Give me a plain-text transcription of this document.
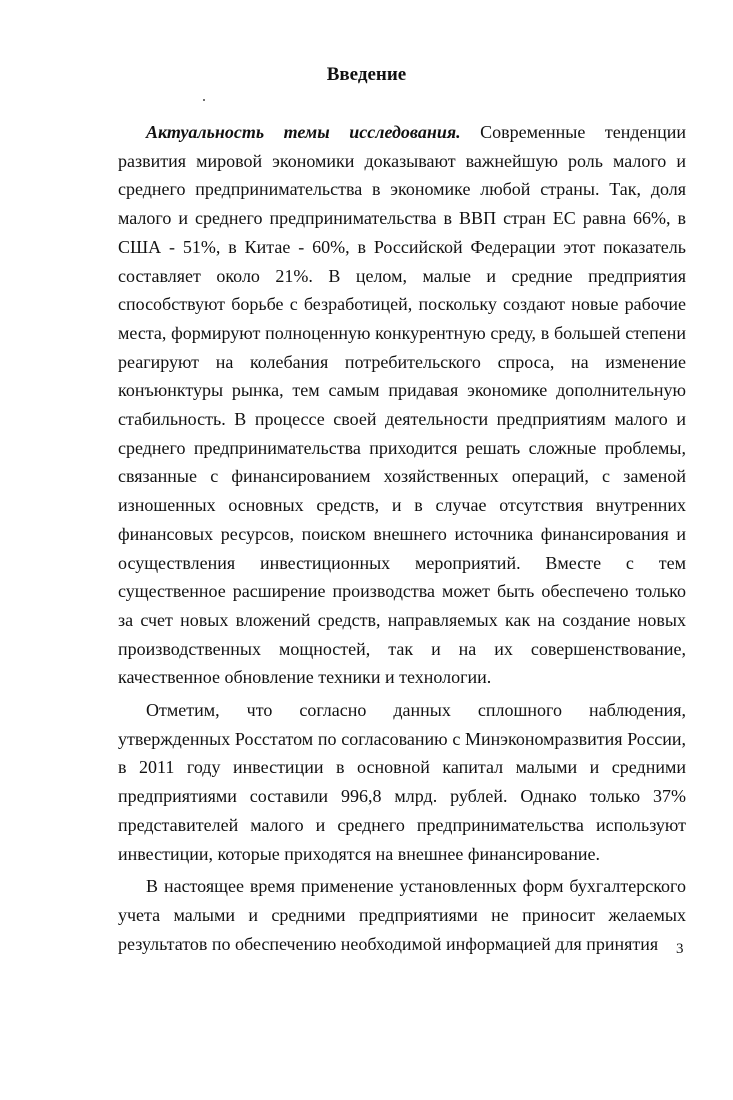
Введение

Актуальность темы исследования. Современные тенденции развития мировой экономики доказывают важнейшую роль малого и среднего предпринимательства в экономике любой страны. Так, доля малого и среднего предпринимательства в ВВП стран ЕС равна 66%, в США - 51%, в Китае - 60%, в Российской Федерации этот показатель составляет около 21%. В целом, малые и средние предприятия способствуют борьбе с безработицей, поскольку создают новые рабочие места, формируют полноценную конкурентную среду, в большей степени реагируют на колебания потребительского спроса, на изменение конъюнктуры рынка, тем самым придавая экономике дополнительную стабильность. В процессе своей деятельности предприятиям малого и среднего предпринимательства приходится решать сложные проблемы, связанные с финансированием хозяйственных операций, с заменой изношенных основных средств, и в случае отсутствия внутренних финансовых ресурсов, поиском внешнего источника финансирования и осуществления инвестиционных мероприятий. Вместе с тем существенное расширение производства может быть обеспечено только за счет новых вложений средств, направляемых как на создание новых производственных мощностей, так и на их совершенствование, качественное обновление техники и технологии.

Отметим, что согласно данных сплошного наблюдения, утвержденных Росстатом по согласованию с Минэкономразвития России, в 2011 году инвестиции в основной капитал малыми и средними предприятиями составили 996,8 млрд. рублей. Однако только 37% представителей малого и среднего предпринимательства используют инвестиции, которые приходятся на внешнее финансирование.

В настоящее время применение установленных форм бухгалтерского учета малыми и средними предприятиями не приносит желаемых результатов по обеспечению необходимой информацией для принятия	3
